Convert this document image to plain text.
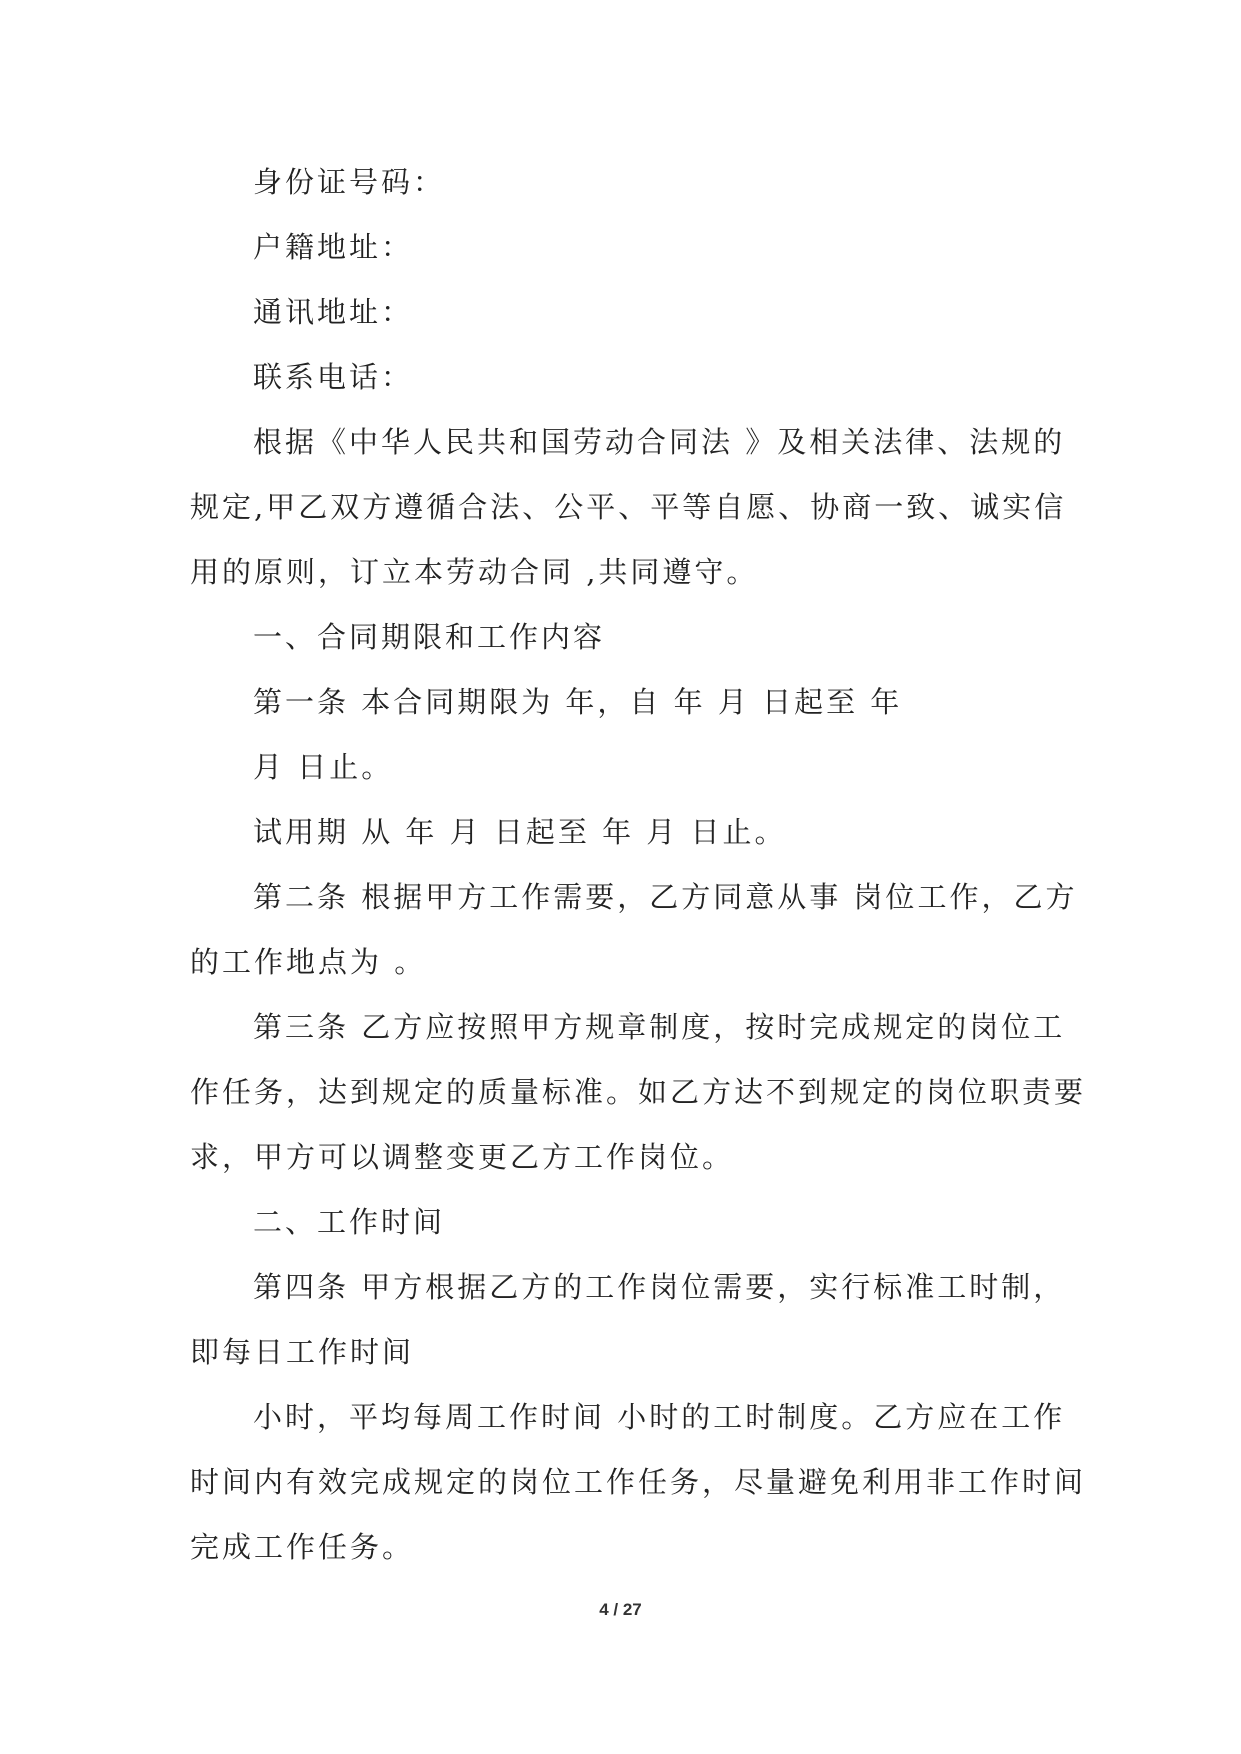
身份证号码：
户籍地址：
通讯地址：
联系电话：
根据《中华人民共和国劳动合同法 》及相关法律、法规的
规定,甲乙双方遵循合法、公平、平等自愿、协商一致、诚实信
用的原则，订立本劳动合同 ,共同遵守。
一、合同期限和工作内容
第一条 本合同期限为 年，自 年 月 日起至 年
月 日止。
试用期 从 年 月 日起至 年 月 日止。
第二条 根据甲方工作需要，乙方同意从事 岗位工作，乙方
的工作地点为 。
第三条 乙方应按照甲方规章制度，按时完成规定的岗位工
作任务，达到规定的质量标准。如乙方达不到规定的岗位职责要
求，甲方可以调整变更乙方工作岗位。
二、工作时间
第四条 甲方根据乙方的工作岗位需要，实行标准工时制，
即每日工作时间
小时，平均每周工作时间 小时的工时制度。乙方应在工作
时间内有效完成规定的岗位工作任务，尽量避免利用非工作时间
完成工作任务。
4 / 27
